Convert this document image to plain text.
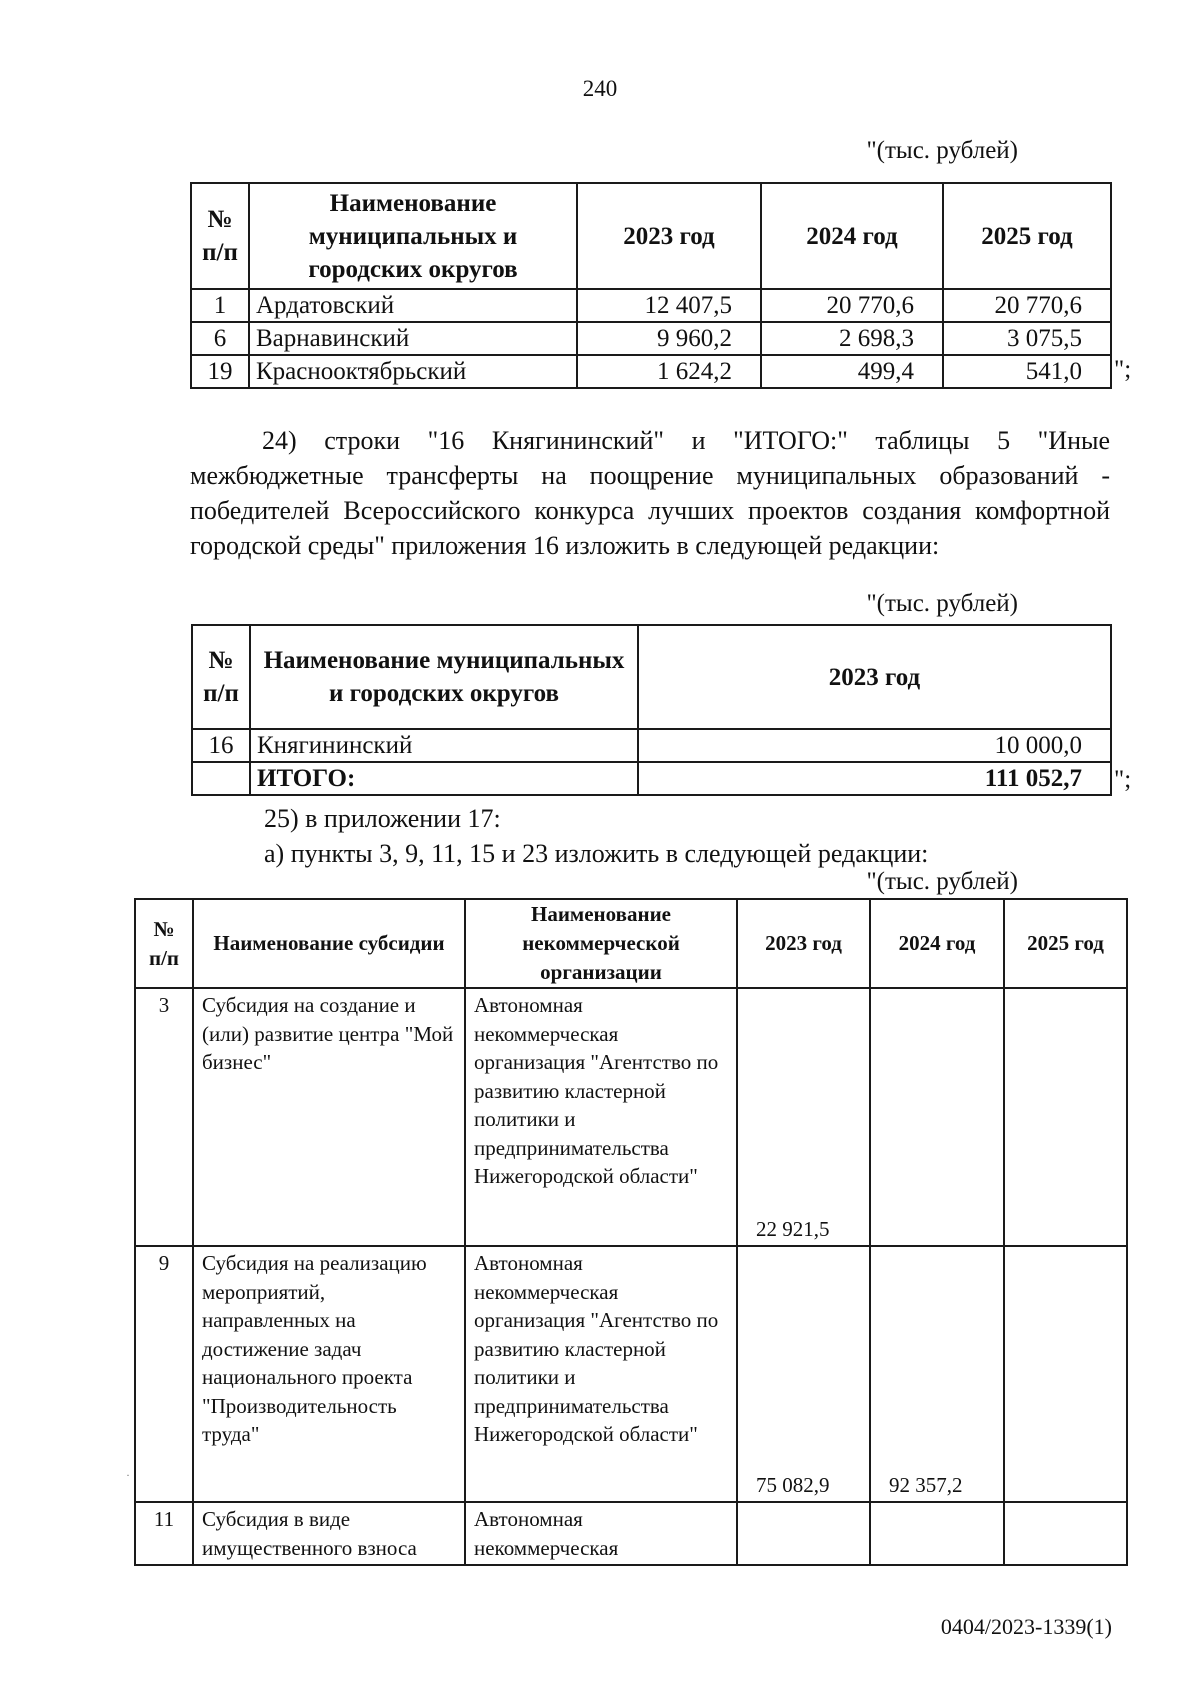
240
"(тыс. рублей)
№ п/п	Наименование муниципальных и городских округов	2023 год	2024 год	2025 год
1	Ардатовский	12 407,5	20 770,6	20 770,6
6	Варнавинский	9 960,2	2 698,3	3 075,5
19	Краснооктябрьский	1 624,2	499,4	541,0 ";
24) строки "16 Княгининский" и "ИТОГО:" таблицы 5 "Иные межбюджетные трансферты на поощрение муниципальных образований - победителей Всероссийского конкурса лучших проектов создания комфортной городской среды" приложения 16 изложить в следующей редакции:
"(тыс. рублей)
№ п/п	Наименование муниципальных и городских округов	2023 год
16	Княгининский	10 000,0
	ИТОГО:	111 052,7 ";
25) в приложении 17:
а) пункты 3, 9, 11, 15 и 23 изложить в следующей редакции:
"(тыс. рублей)
№ п/п	Наименование субсидии	Наименование некоммерческой организации	2023 год	2024 год	2025 год
3	Субсидия на создание и (или) развитие центра "Мой бизнес"	Автономная некоммерческая организация "Агентство по развитию кластерной политики и предпринимательства Нижегородской области"	22 921,5		
9	Субсидия на реализацию мероприятий, направленных на достижение задач национального проекта "Производительность труда"	Автономная некоммерческая организация "Агентство по развитию кластерной политики и предпринимательства Нижегородской области"	75 082,9	92 357,2	
11	Субсидия в виде имущественного взноса	Автономная некоммерческая			
·
0404/2023-1339(1)
